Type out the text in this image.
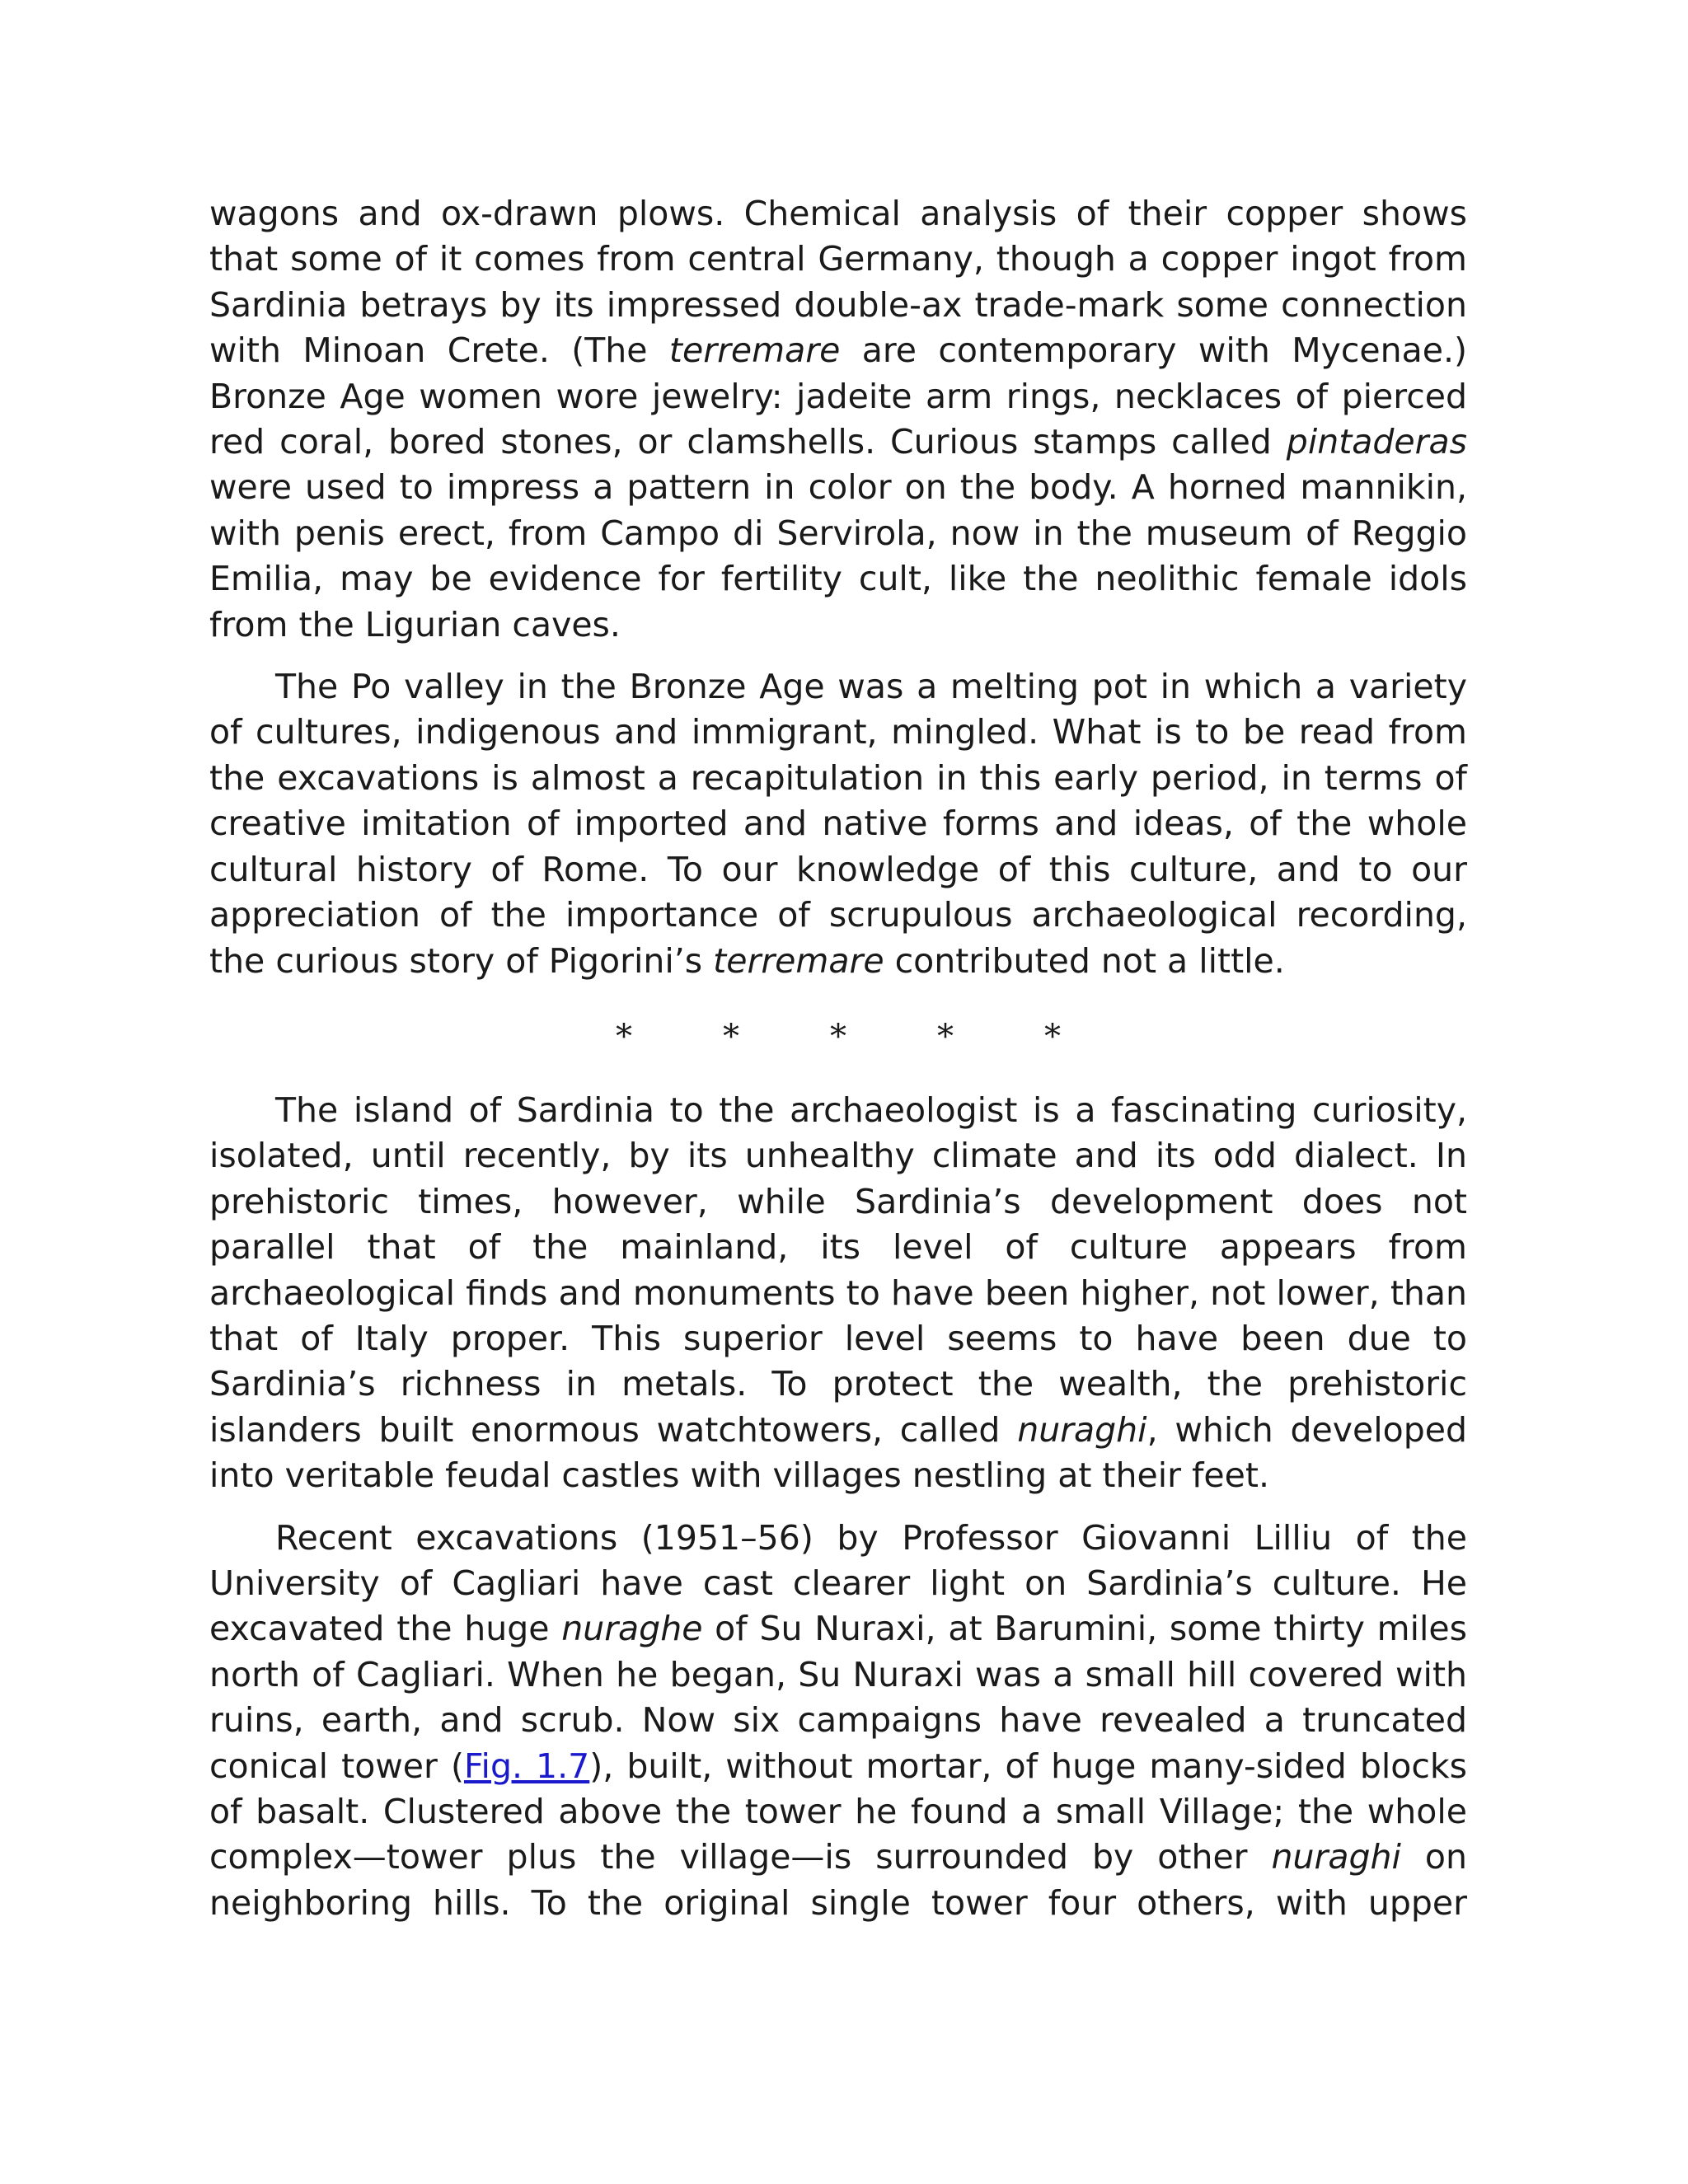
wagons and ox-drawn plows. Chemical analysis of their copper shows that some of it comes from central Germany, though a copper ingot from Sardinia betrays by its impressed double-ax trade-mark some connection with Minoan Crete. (The terremare are contemporary with Mycenae.) Bronze Age women wore jewelry: jadeite arm rings, necklaces of pierced red coral, bored stones, or clamshells. Curious stamps called pintaderas were used to impress a pattern in color on the body. A horned mannikin, with penis erect, from Campo di Servirola, now in the museum of Reggio Emilia, may be evidence for fertility cult, like the neolithic female idols from the Ligurian caves.

The Po valley in the Bronze Age was a melting pot in which a variety of cultures, indigenous and immigrant, mingled. What is to be read from the excavations is almost a recapitulation in this early period, in terms of creative imitation of imported and native forms and ideas, of the whole cultural history of Rome. To our knowledge of this culture, and to our appreciation of the importance of scrupulous archaeological recording, the curious story of Pigorini’s terremare contributed not a little.

*	*	*	*	*

The island of Sardinia to the archaeologist is a fascinating curiosity, isolated, until recently, by its unhealthy climate and its odd dialect. In prehistoric times, however, while Sardinia’s development does not parallel that of the mainland, its level of culture appears from archaeological finds and monuments to have been higher, not lower, than that of Italy proper. This superior level seems to have been due to Sardinia’s richness in metals. To protect the wealth, the prehistoric islanders built enormous watchtowers, called nuraghi, which developed into veritable feudal castles with villages nestling at their feet.

Recent excavations (1951–56) by Professor Giovanni Lilliu of the University of Cagliari have cast clearer light on Sardinia’s culture. He excavated the huge nuraghe of Su Nuraxi, at Barumini, some thirty miles north of Cagliari. When he began, Su Nuraxi was a small hill covered with ruins, earth, and scrub. Now six campaigns have revealed a truncated conical tower (Fig. 1.7), built, without mortar, of huge many-sided blocks of basalt. Clustered above the tower he found a small Village; the whole complex—tower plus the village—is surrounded by other nuraghi on neighboring hills. To the original single tower four others, with upper
